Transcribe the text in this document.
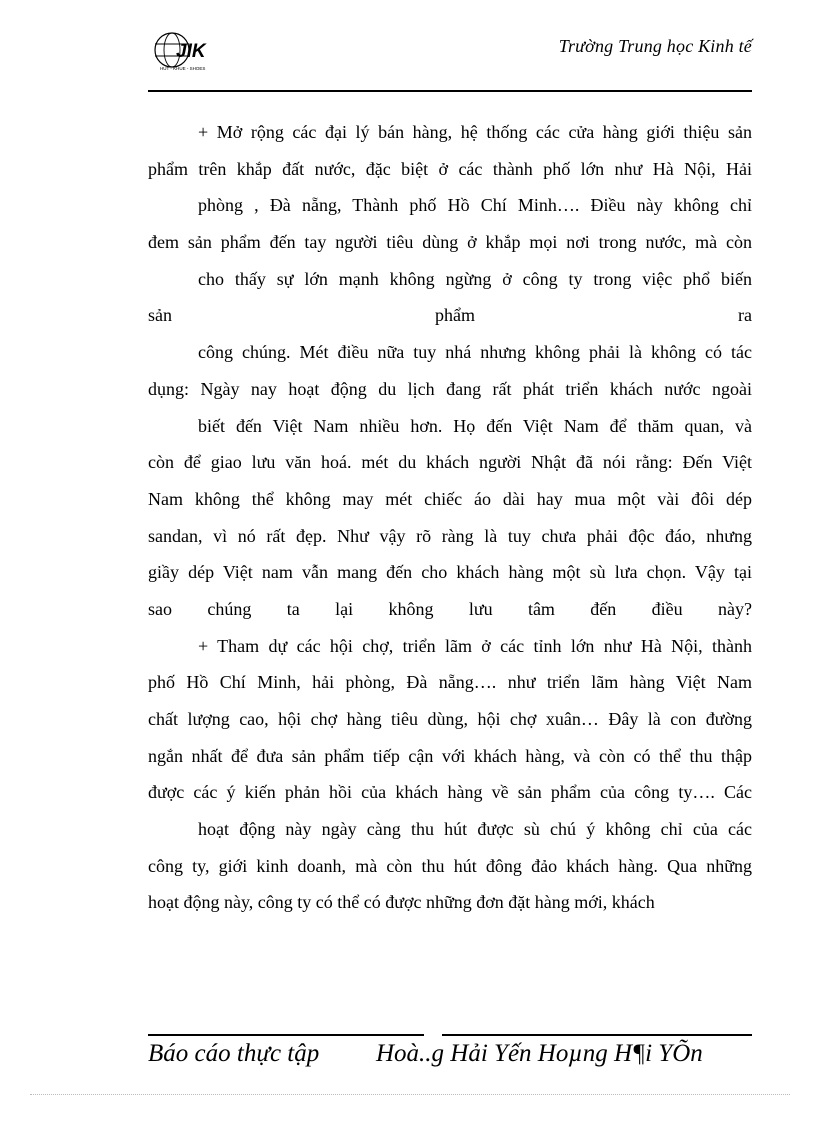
JIK
HUT - KHUE - SHOES
Trường Trung học Kinh tế
+ Mở rộng các đại lý bán hàng, hệ thống các cửa hàng giới thiệu sản
phẩm trên khắp đất nước, đặc biệt ở các thành phố lớn như Hà Nội, Hải
phòng , Đà nẵng, Thành phố Hồ Chí Minh…. Điều này không chỉ
đem sản phẩm đến tay người tiêu dùng ở khắp mọi nơi trong nước, mà còn
cho thấy sự lớn mạnh không ngừng ở công ty trong việc phổ biến
sản phẩm ra
công chúng. Mét điều nữa tuy nhá nhưng không phải là không có tác
dụng: Ngày nay hoạt động du lịch đang rất phát triển khách nước ngoài
biết đến Việt Nam nhiều hơn. Họ đến Việt Nam để thăm quan, và
còn để giao lưu văn hoá. mét du khách người Nhật đã nói rằng: Đến Việt
Nam không thể không may mét chiếc áo dài hay mua một vài đôi dép
sandan, vì nó rất đẹp. Như vậy rõ ràng là tuy chưa phải độc đáo, nhưng
giầy dép Việt nam vẫn mang đến cho khách hàng một sù lưa chọn. Vậy tại
sao chúng ta lại không lưu tâm đến điều này?
+ Tham dự các hội chợ, triển lãm ở các tỉnh lớn như Hà Nội, thành
phố Hồ Chí Minh, hải phòng, Đà nẵng…. như triển lãm hàng Việt Nam
chất lượng cao, hội chợ hàng tiêu dùng, hội chợ xuân… Đây là con đường
ngắn nhất để đưa sản phẩm tiếp cận với khách hàng, và còn có thể thu thập
được các ý kiến phản hồi của khách hàng về sản phẩm của công ty…. Các
hoạt động này ngày càng thu hút được sù chú ý không chỉ của các
công ty, giới kinh doanh, mà còn thu hút đông đảo khách hàng. Qua những
hoạt động này, công ty có thể có được những đơn đặt hàng mới, khách
Báo cáo thực tập Hoà..g Hải Yến Hoµng H¶i YÕn
